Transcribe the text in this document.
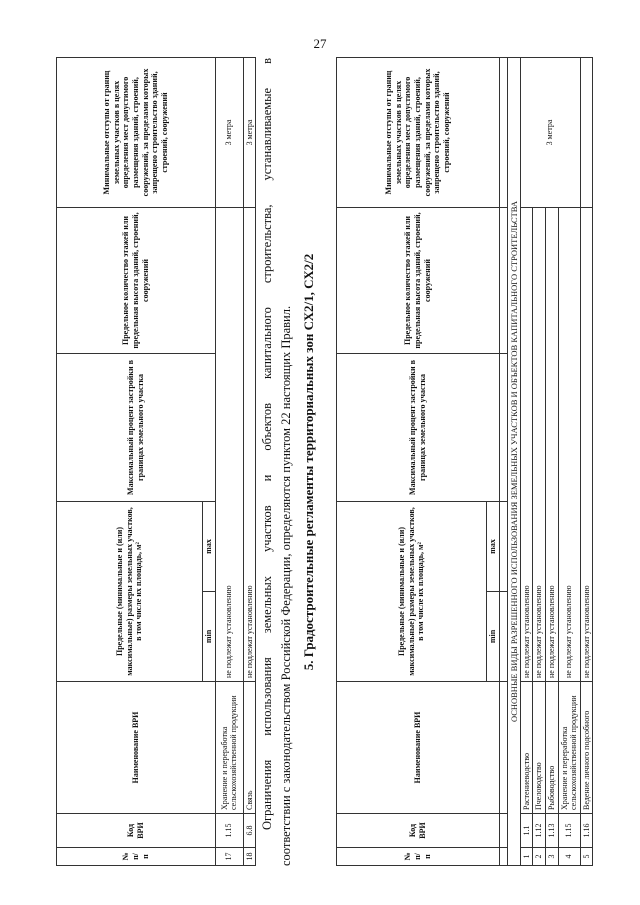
27
№ п/п	Код ВРИ	Наименование ВРИ	Предельные (минимальные и (или) максимальные) размеры земельных участков, в том числе их площадь, м²		Максимальный процент застройки в границах земельного участка	Предельное количество этажей или предельная высота зданий, строений, сооружений	Минимальные отступы от границ земельных участков в целях определения мест допустимого размещения зданий, строений, сооружений, за пределами которых запрещено строительство зданий, строений, сооружений
			min	max			
17	1.15	Хранение и переработка сельскохозяйственной продукции	не подлежат установлению				3 метра
18	6.8	Связь	не подлежат установлению				3 метра Ограничения использования земельных участков и объектов капитального строительства, устанавливаемые в соответствии с законодательством Российской Федерации, определяются пунктом 22 настоящих Правил. 5. Градостроительные регламенты территориальных зон СХ2/1, СХ2/2
№ п/п	Код ВРИ	Наименование ВРИ	Предельные (минимальные и (или) максимальные) размеры земельных участков, в том числе их площадь, м²		Максимальный процент застройки в границах земельного участка	Предельное количество этажей или предельная высота зданий, строений, сооружений	Минимальные отступы от границ земельных участков в целях определения мест допустимого размещения зданий, строений, сооружений, за пределами которых запрещено строительство зданий, строений, сооружений
			min	max			

ОСНОВНЫЕ ВИДЫ РАЗРЕШЕННОГО ИСПОЛЬЗОВАНИЯ ЗЕМЕЛЬНЫХ УЧАСТКОВ И ОБЪЕКТОВ КАПИТАЛЬНОГО СТРОИТЕЛЬСТВА							
1	1.1	Растениеводство	не подлежат установлению				3 метра
2	1.12	Пчеловодство	не подлежат установлению				
3	1.13	Рыбоводство	не подлежат установлению				
4	1.15	Хранение и переработка сельскохозяйственной продукции	не подлежат установлению				
5	1.16	Ведение личного подсобного	не подлежат установлению				
